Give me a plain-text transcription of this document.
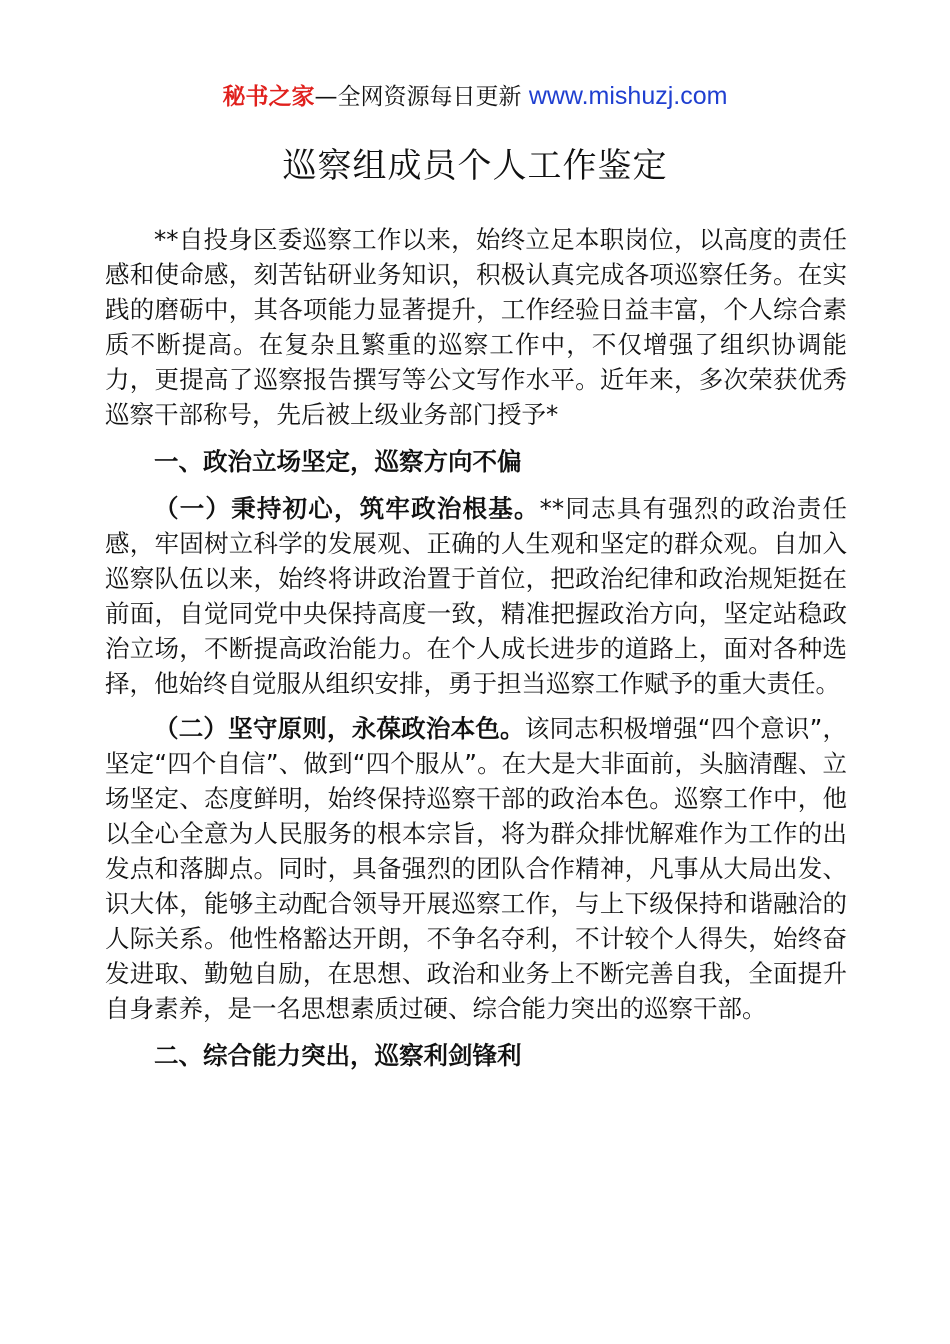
秘书之家—全网资源每日更新 www.mishuzj.com
巡察组成员个人工作鉴定

**自投身区委巡察工作以来，始终立足本职岗位，以高度的责任感和使命感，刻苦钻研业务知识，积极认真完成各项巡察任务。在实践的磨砺中，其各项能力显著提升，工作经验日益丰富，个人综合素质不断提高。在复杂且繁重的巡察工作中，不仅增强了组织协调能力，更提高了巡察报告撰写等公文写作水平。近年来，多次荣获优秀巡察干部称号，先后被上级业务部门授予*

一、政治立场坚定，巡察方向不偏

（一）秉持初心，筑牢政治根基。**同志具有强烈的政治责任感，牢固树立科学的发展观、正确的人生观和坚定的群众观。自加入巡察队伍以来，始终将讲政治置于首位，把政治纪律和政治规矩挺在前面，自觉同党中央保持高度一致，精准把握政治方向，坚定站稳政治立场，不断提高政治能力。在个人成长进步的道路上，面对各种选择，他始终自觉服从组织安排，勇于担当巡察工作赋予的重大责任。

（二）坚守原则，永葆政治本色。该同志积极增强“四个意识”，坚定“四个自信”、做到“四个服从”。在大是大非面前，头脑清醒、立场坚定、态度鲜明，始终保持巡察干部的政治本色。巡察工作中，他以全心全意为人民服务的根本宗旨，将为群众排忧解难作为工作的出发点和落脚点。同时，具备强烈的团队合作精神，凡事从大局出发、识大体，能够主动配合领导开展巡察工作，与上下级保持和谐融洽的人际关系。他性格豁达开朗，不争名夺利，不计较个人得失，始终奋发进取、勤勉自励，在思想、政治和业务上不断完善自我，全面提升自身素养，是一名思想素质过硬、综合能力突出的巡察干部。

二、综合能力突出，巡察利剑锋利
